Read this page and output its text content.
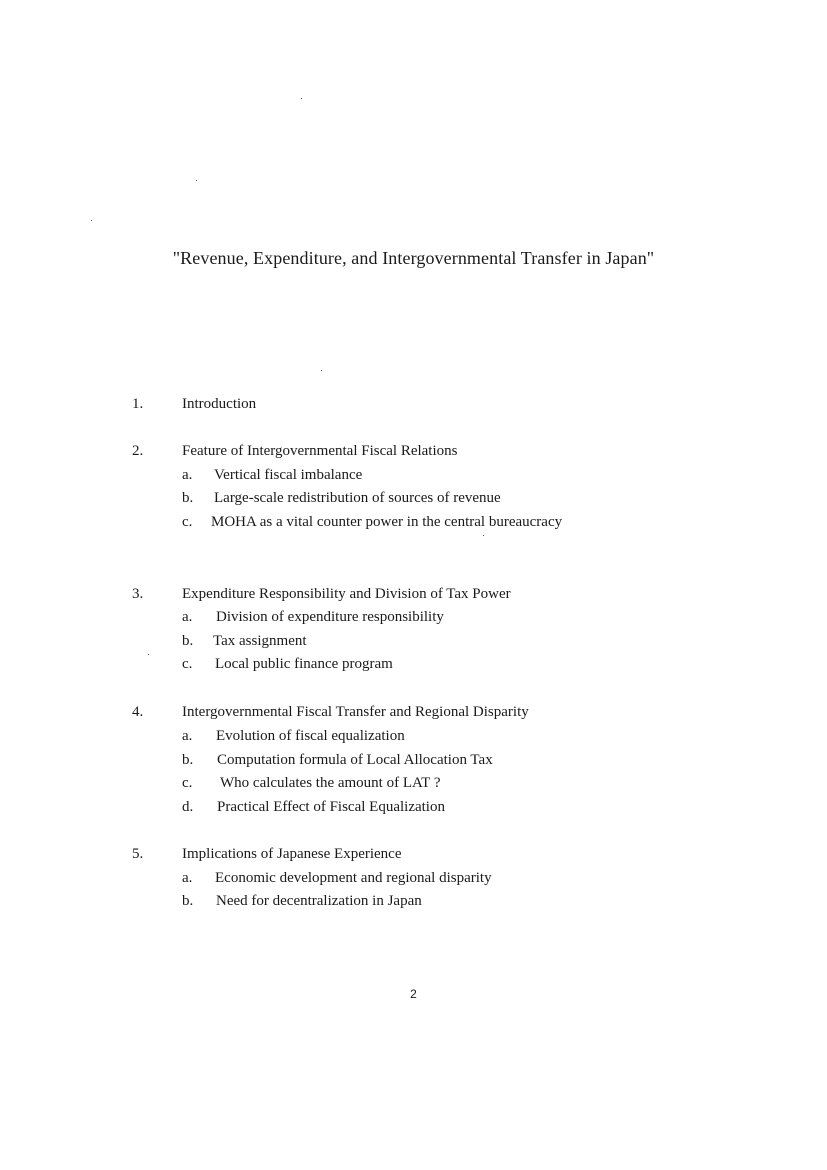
"Revenue, Expenditure, and Intergovernmental Transfer in Japan"
1.	Introduction
2.	Feature of Intergovernmental Fiscal Relations
a. Vertical fiscal imbalance
b. Large-scale redistribution of sources of revenue
c. MOHA as a vital counter power in the central bureaucracy
3.	Expenditure Responsibility and Division of Tax Power
a. Division of expenditure responsibility
b. Tax assignment
c. Local public finance program
4.	Intergovernmental Fiscal Transfer and Regional Disparity
a. Evolution of fiscal equalization
b. Computation formula of Local Allocation Tax
c. Who calculates the amount of LAT ?
d. Practical Effect of Fiscal Equalization
5.	Implications of Japanese Experience
a. Economic development and regional disparity
b. Need for decentralization in Japan
2
